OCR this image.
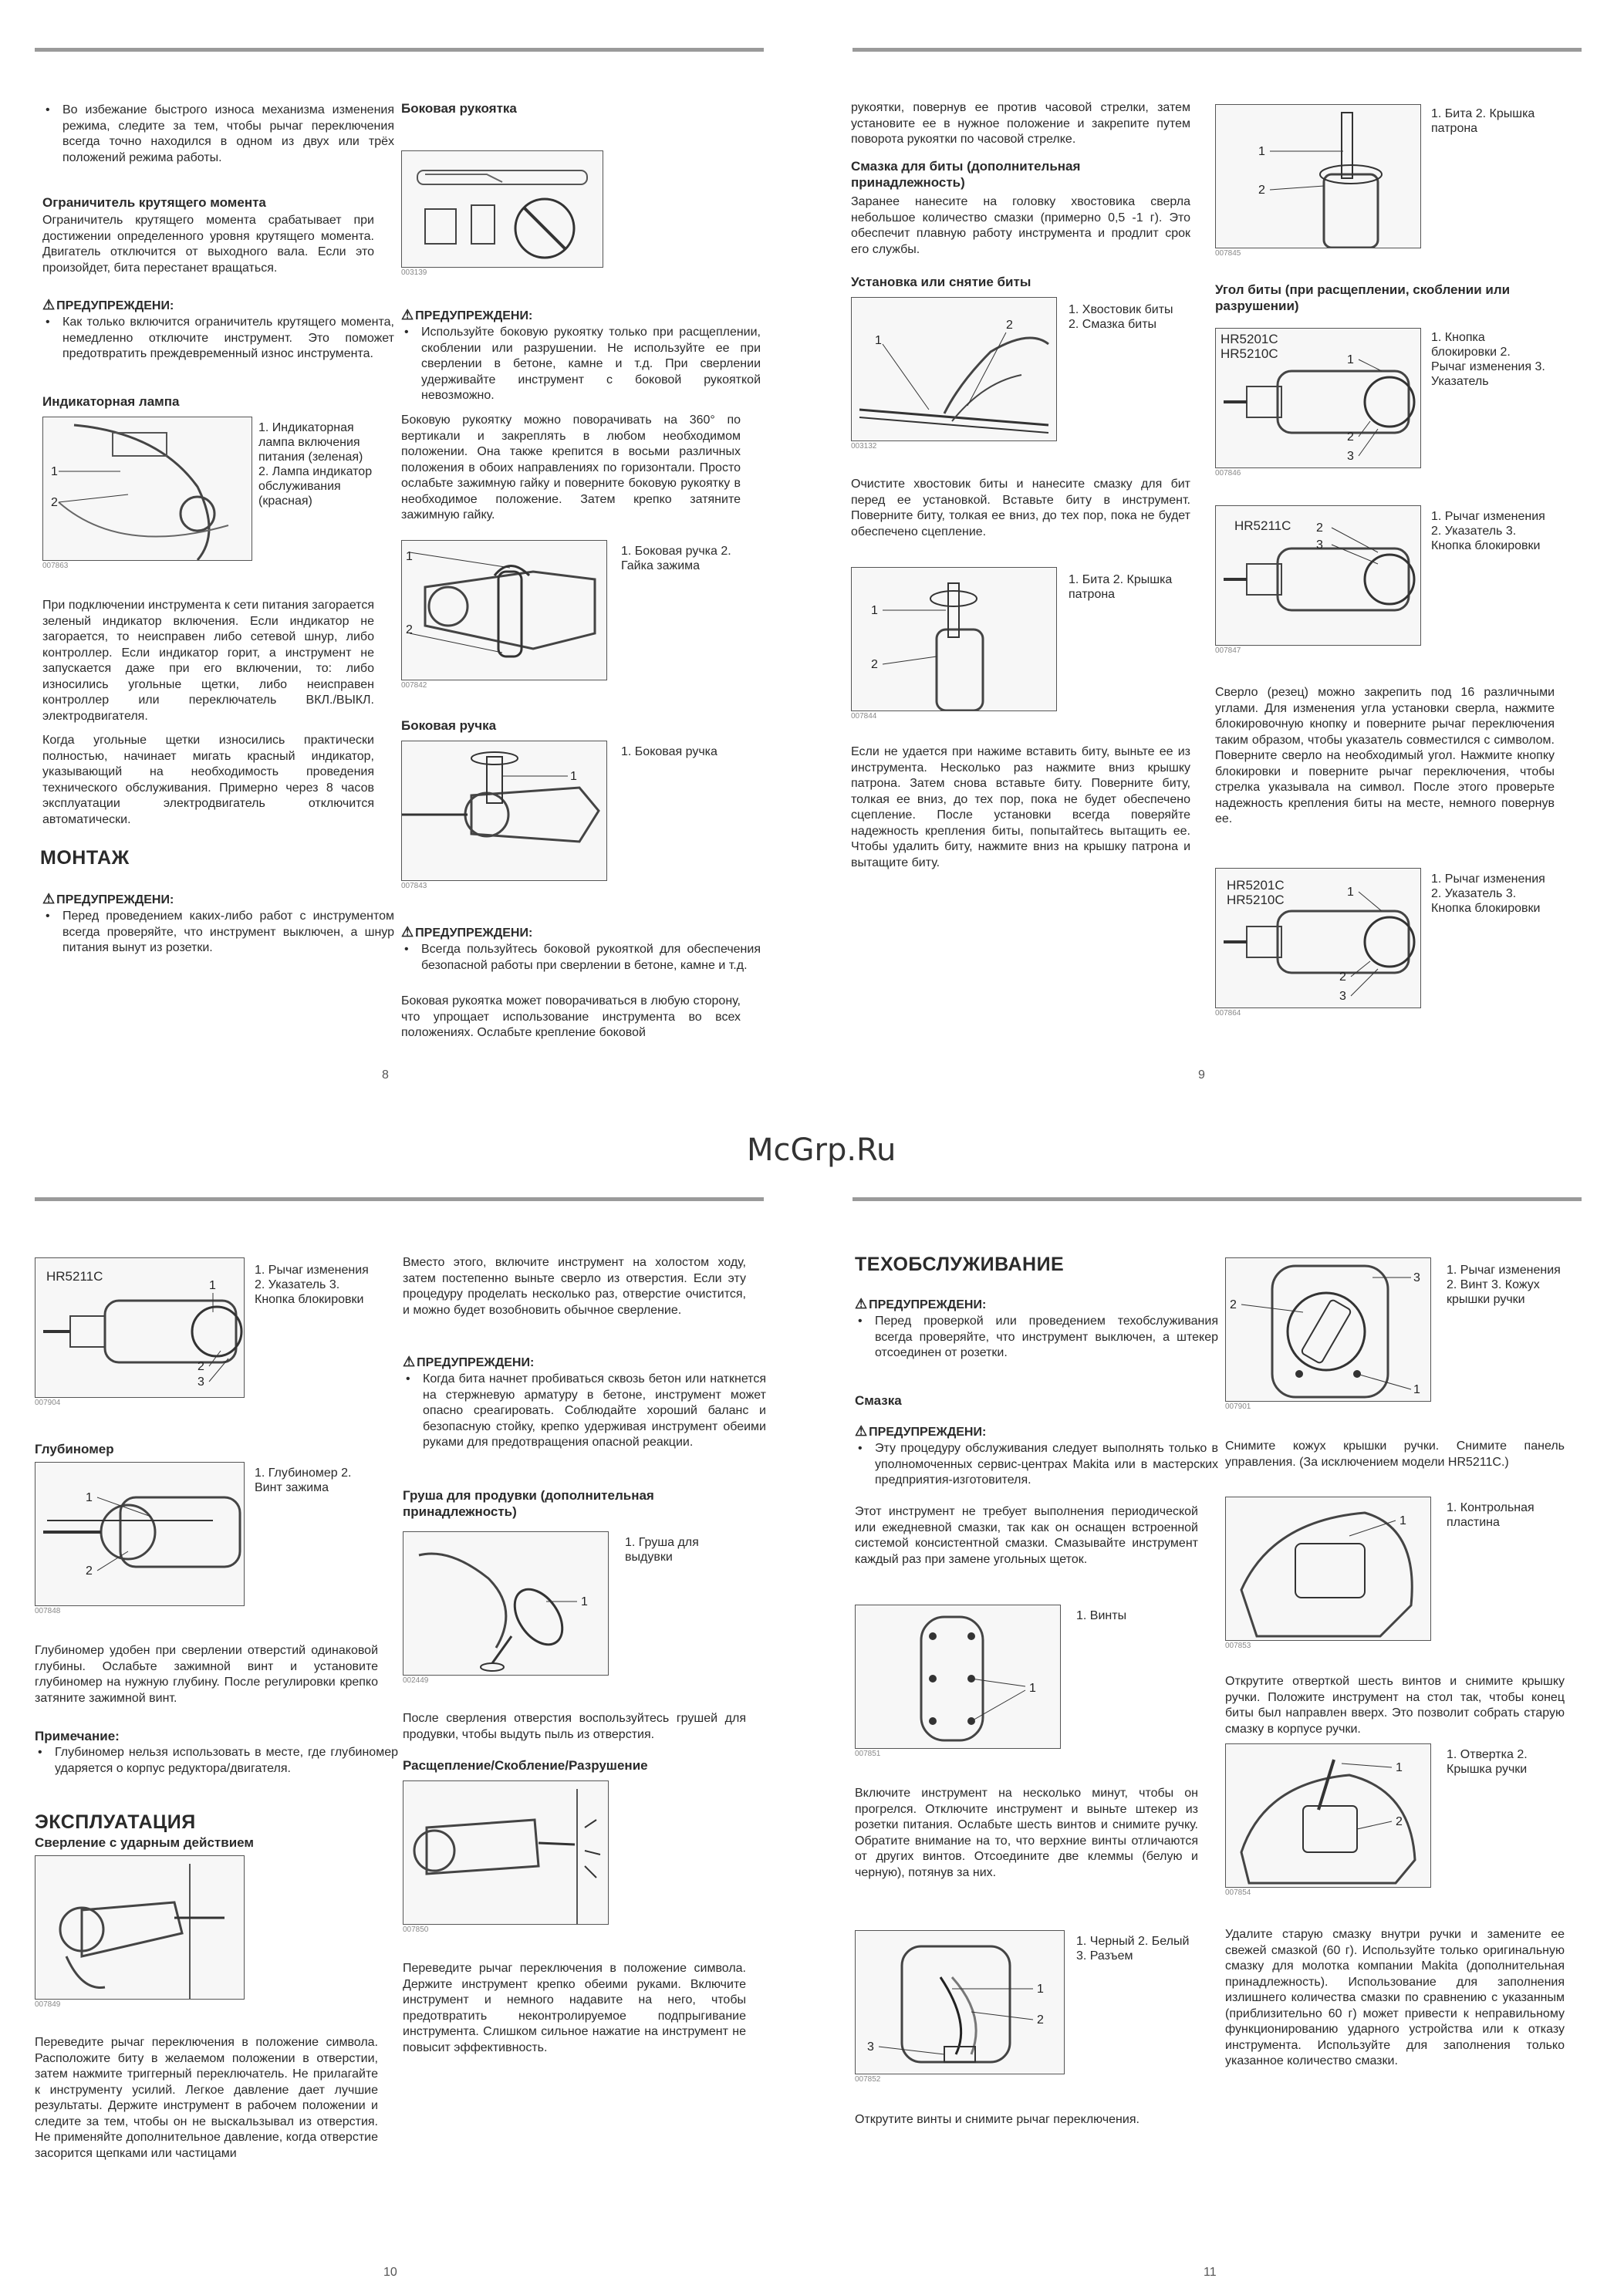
McGrp.Ru
• Во избежание быстрого износа механизма изменения режима, следите за тем, чтобы рычаг переключения всегда точно находился в одном из двух или трёх положений режима работы.
Ограничитель крутящего момента
Ограничитель крутящего момента срабатывает при достижении определенного уровня крутящего момента. Двигатель отключится от выходного вала. Если это произойдет, бита перестанет вращаться.
⚠ ПРЕДУПРЕЖДЕНИ:
• Как только включится ограничитель крутящего момента, немедленно отключите инструмент. Это поможет предотвратить преждевременный износ инструмента.
Индикаторная лампа
1
2
007863
1. Индикаторная лампа включения питания (зеленая) 2. Лампа индикатор обслуживания (красная)
При подключении инструмента к сети питания загорается зеленый индикатор включения. Если индикатор не загорается, то неисправен либо сетевой шнур, либо контроллер. Если индикатор горит, а инструмент не запускается даже при его включении, то: либо износились угольные щетки, либо неисправен контроллер или переключатель ВКЛ./ВЫКЛ. электродвигателя.
Когда угольные щетки износились практически полностью, начинает мигать красный индикатор, указывающий на необходимость проведения технического обслуживания. Примерно через 8 часов эксплуатации электродвигатель отключится автоматически.
МОНТАЖ
⚠ ПРЕДУПРЕЖДЕНИ:
• Перед проведением каких-либо работ с инструментом всегда проверяйте, что инструмент выключен, а шнур питания вынут из розетки.
Боковая рукоятка
003139
⚠ ПРЕДУПРЕЖДЕНИ:
• Используйте боковую рукоятку только при расщеплении, скоблении или разрушении. Не используйте ее при сверлении в бетоне, камне и т.д. При сверлении удерживайте инструмент с боковой рукояткой невозможно.
Боковую рукоятку можно поворачивать на 360° по вертикали и закреплять в любом необходимом положении. Она также крепится в восьми различных положения в обоих направлениях по горизонтали. Просто ослабьте зажимную гайку и поверните боковую рукоятку в необходимое положение. Затем крепко затяните зажимную гайку.
1
2
007842
1. Боковая ручка 2. Гайка зажима
Боковая ручка
1
007843
1. Боковая ручка
⚠ ПРЕДУПРЕЖДЕНИ:
• Всегда пользуйтесь боковой рукояткой для обеспечения безопасной работы при сверлении в бетоне, камне и т.д.
Боковая рукоятка может поворачиваться в любую сторону, что упрощает использование инструмента во всех положениях. Ослабьте крепление боковой
8
рукоятки, повернув ее против часовой стрелки, затем установите ее в нужное положение и закрепите путем поворота рукоятки по часовой стрелке.
Смазка для биты (дополнительная принадлежность)
Заранее нанесите на головку хвостовика сверла небольшое количество смазки (примерно 0,5 -1 г). Это обеспечит плавную работу инструмента и продлит срок его службы.
Установка или снятие биты
1
2
003132
1. Хвостовик биты 2. Смазка биты
Очистите хвостовик биты и нанесите смазку для бит перед ее установкой. Вставьте биту в инструмент. Поверните биту, толкая ее вниз, до тех пор, пока не будет обеспечено сцепление.
1
2
007844
1. Бита 2. Крышка патрона
Если не удается при нажиме вставить биту, выньте ее из инструмента. Несколько раз нажмите вниз крышку патрона. Затем снова вставьте биту. Поверните биту, толкая ее вниз, до тех пор, пока не будет обеспечено сцепление. После установки всегда поверяйте надежность крепления биты, попытайтесь вытащить ее. Чтобы удалить биту, нажмите вниз на крышку патрона и вытащите биту.
1
2
007845
1. Бита 2. Крышка патрона
Угол биты (при расщеплении, скоблении или разрушении)
1
2
3
HR5201C HR5210C
007846
1. Кнопка блокировки 2. Рычаг изменения 3. Указатель
2
3
HR5211C
007847
1. Рычаг изменения 2. Указатель 3. Кнопка блокировки
Сверло (резец) можно закрепить под 16 различными углами. Для изменения угла установки сверла, нажмите блокировочную кнопку и поверните рычаг переключения таким образом, чтобы указатель совместился с символом. Поверните сверло на необходимый угол. Нажмите кнопку блокировки и поверните рычаг переключения, чтобы стрелка указывала на символ. После этого проверьте надежность крепления биты на месте, немного повернув ее.
1
2
3
HR5201C HR5210C
007864
1. Рычаг изменения 2. Указатель 3. Кнопка блокировки
9
1
2
3
HR5211C
007904
1. Рычаг изменения 2. Указатель 3. Кнопка блокировки
Глубиномер
1
2
007848
1. Глубиномер 2. Винт зажима
Глубиномер удобен при сверлении отверстий одинаковой глубины. Ослабьте зажимной винт и установите глубиномер на нужную глубину. После регулировки крепко затяните зажимной винт.
Примечание:
• Глубиномер нельзя использовать в месте, где глубиномер ударяется о корпус редуктора/двигателя.
ЭКСПЛУАТАЦИЯ
Сверление с ударным действием
007849
Переведите рычаг переключения в положение символа. Расположите биту в желаемом положении в отверстии, затем нажмите триггерный переключатель. Не прилагайте к инструменту усилий. Легкое давление дает лучшие результаты. Держите инструмент в рабочем положении и следите за тем, чтобы он не выскальзывал из отверстия. Не применяйте дополнительное давление, когда отверстие засорится щепками или частицами
Вместо этого, включите инструмент на холостом ходу, затем постепенно выньте сверло из отверстия. Если эту процедуру проделать несколько раз, отверстие очистится, и можно будет возобновить обычное сверление.
⚠ ПРЕДУПРЕЖДЕНИ:
• Когда бита начнет пробиваться сквозь бетон или наткнется на стержневую арматуру в бетоне, инструмент может опасно среагировать. Соблюдайте хороший баланс и безопасную стойку, крепко удерживая инструмент обеими руками для предотвращения опасной реакции.
Груша для продувки (дополнительная принадлежность)
1
002449
1. Груша для выдувки
После сверления отверстия воспользуйтесь грушей для продувки, чтобы выдуть пыль из отверстия.
Расщепление/Скобление/Разрушение
007850
Переведите рычаг переключения в положение символа. Держите инструмент крепко обеими руками. Включите инструмент и немного надавите на него, чтобы предотвратить неконтролируемое подпрыгивание инструмента. Слишком сильное нажатие на инструмент не повысит эффективность.
10
ТЕХОБСЛУЖИВАНИЕ
⚠ ПРЕДУПРЕЖДЕНИ:
• Перед проверкой или проведением техобслуживания всегда проверяйте, что инструмент выключен, а штекер отсоединен от розетки.
Смазка
⚠ ПРЕДУПРЕЖДЕНИ:
• Эту процедуру обслуживания следует выполнять только в уполномоченных сервис-центрах Makita или в мастерских предприятия-изготовителя.
Этот инструмент не требует выполнения периодической или ежедневной смазки, так как он оснащен встроенной системой консистентной смазки. Смазывайте инструмент каждый раз при замене угольных щеток.
1
007851
1. Винты
Включите инструмент на несколько минут, чтобы он прогрелся. Отключите инструмент и выньте штекер из розетки питания. Ослабьте шесть винтов и снимите ручку. Обратите внимание на то, что верхние винты отличаются от других винтов. Отсоедините две клеммы (белую и черную), потянув за них.
1
2
3
007852
1. Черный 2. Белый 3. Разъем
Открутите винты и снимите рычаг переключения.
3
2
1
007901
1. Рычаг изменения 2. Винт 3. Кожух крышки ручки
Снимите кожух крышки ручки. Снимите панель управления. (За исключением модели HR5211C.)
1
007853
1. Контрольная пластина
Открутите отверткой шесть винтов и снимите крышку ручки. Положите инструмент на стол так, чтобы конец биты был направлен вверх. Это позволит собрать старую смазку в корпусе ручки.
1
2
007854
1. Отвертка 2. Крышка ручки
Удалите старую смазку внутри ручки и замените ее свежей смазкой (60 г). Используйте только оригинальную смазку для молотка компании Makita (дополнительная принадлежность). Использование для заполнения излишнего количества смазки по сравнению с указанным (приблизительно 60 г) может привести к неправильному функционированию ударного устройства или к отказу инструмента. Используйте для заполнения только указанное количество смазки.
11
